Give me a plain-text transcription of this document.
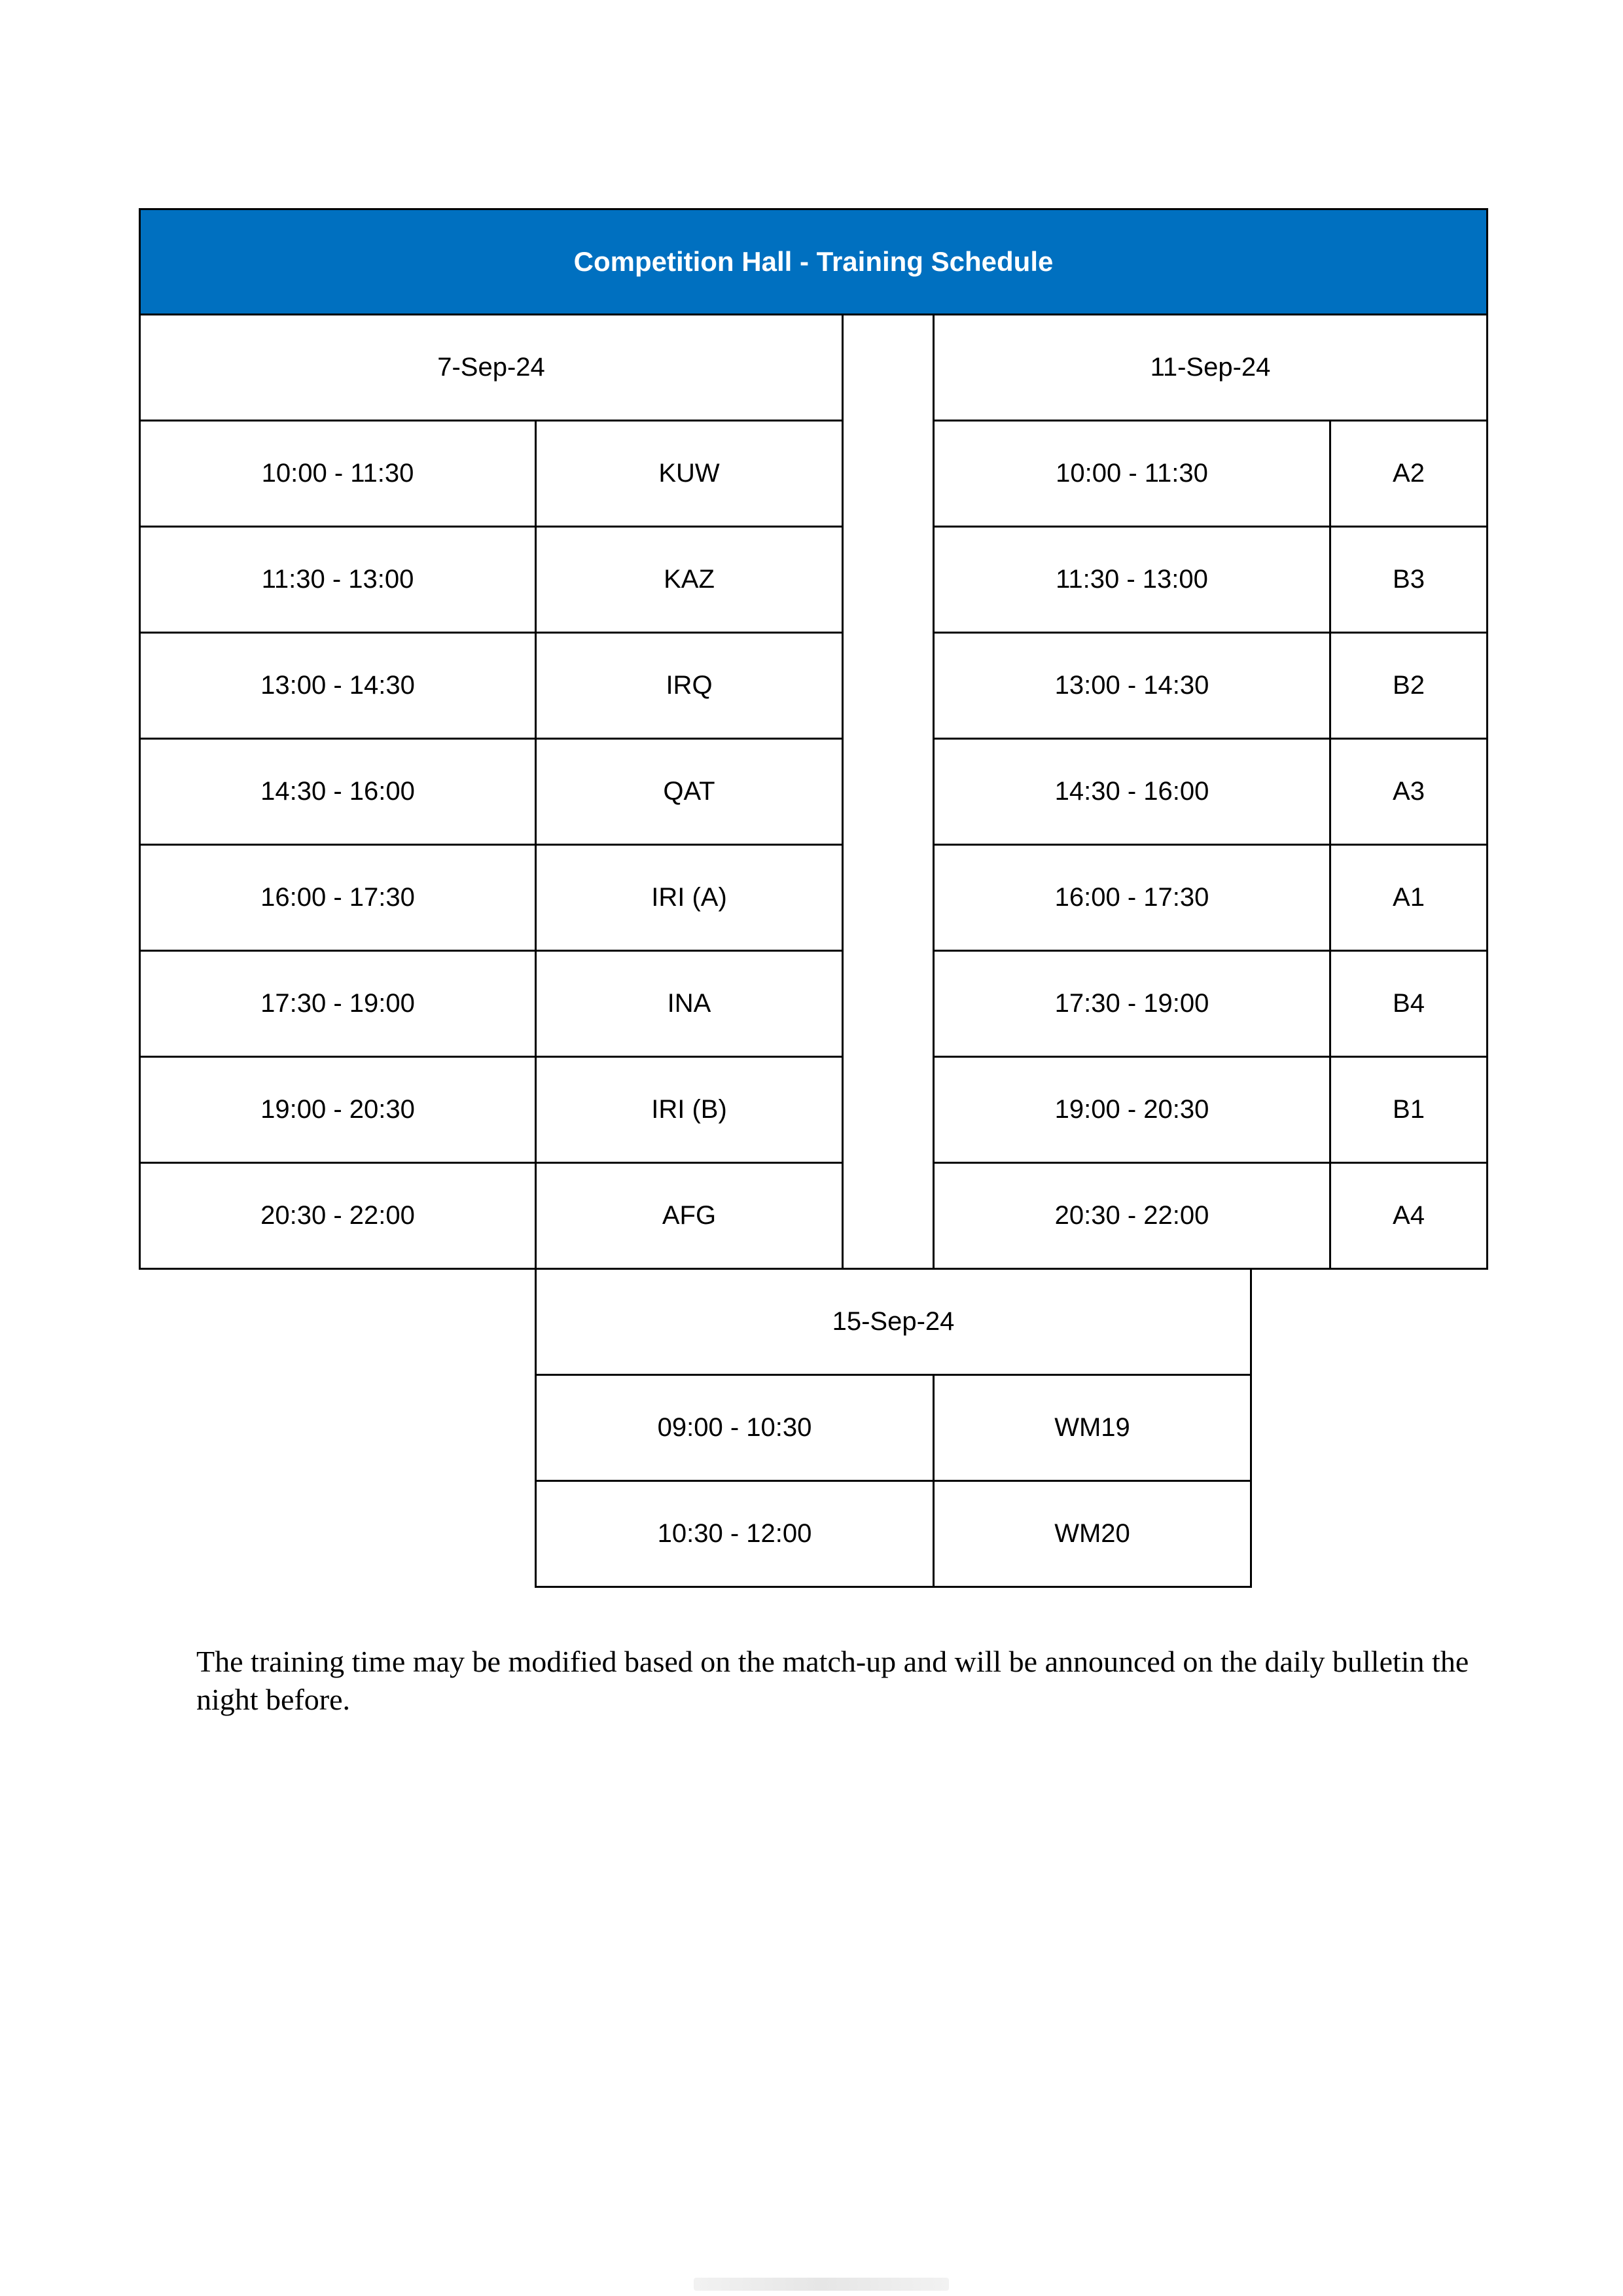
Competition Hall - Training Schedule
7-Sep-24
10:00 - 11:30	KUW
11:30 - 13:00	KAZ
13:00 - 14:30	IRQ
14:30 - 16:00	QAT
16:00 - 17:30	IRI (A)
17:30 - 19:00	INA
19:00 - 20:30	IRI (B)
20:30 - 22:00	AFG
11-Sep-24
10:00 - 11:30	A2
11:30 - 13:00	B3
13:00 - 14:30	B2
14:30 - 16:00	A3
16:00 - 17:30	A1
17:30 - 19:00	B4
19:00 - 20:30	B1
20:30 - 22:00	A4
15-Sep-24
09:00 - 10:30	WM19
10:30 - 12:00	WM20
The training time may be modified based on the match-up and will be announced on the daily bulletin the night before.
